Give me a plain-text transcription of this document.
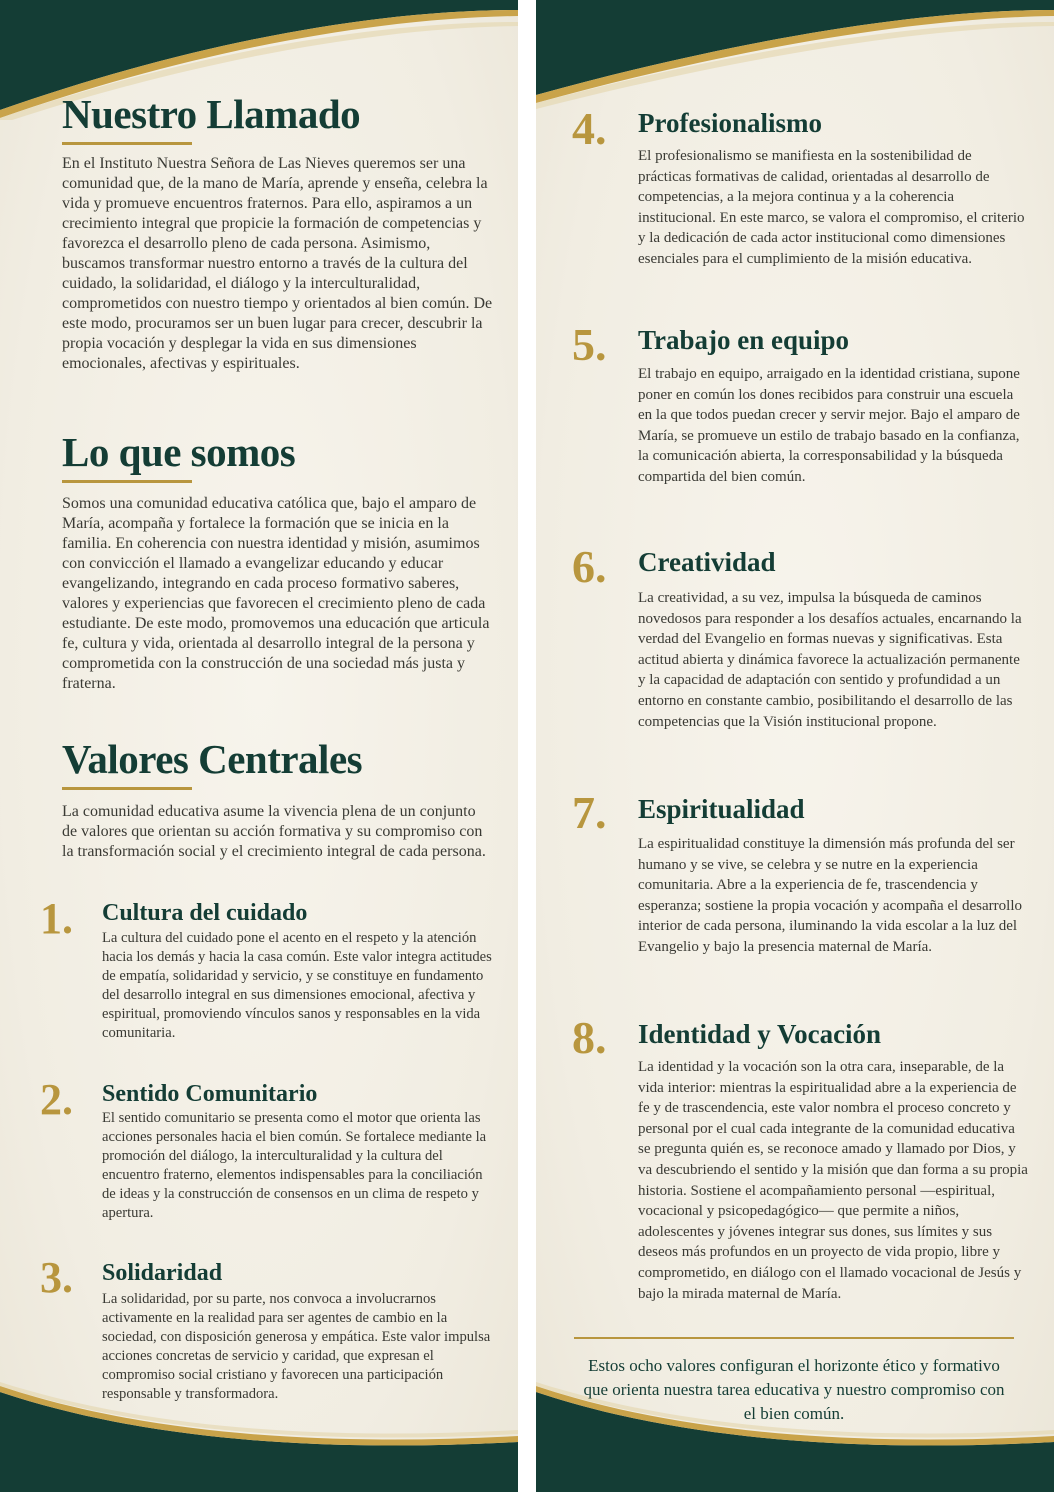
Nuestro Llamado

En el Instituto Nuestra Señora de Las Nieves queremos ser una comunidad que, de la mano de María, aprende y enseña, celebra la vida y promueve encuentros fraternos. Para ello, aspiramos a un crecimiento integral que propicie la formación de competencias y favorezca el desarrollo pleno de cada persona. Asimismo, buscamos transformar nuestro entorno a través de la cultura del cuidado, la solidaridad, el diálogo y la interculturalidad, comprometidos con nuestro tiempo y orientados al bien común. De este modo, procuramos ser un buen lugar para crecer, descubrir la propia vocación y desplegar la vida en sus dimensiones emocionales, afectivas y espirituales.

Lo que somos

Somos una comunidad educativa católica que, bajo el amparo de María, acompaña y fortalece la formación que se inicia en la familia. En coherencia con nuestra identidad y misión, asumimos con convicción el llamado a evangelizar educando y educar evangelizando, integrando en cada proceso formativo saberes, valores y experiencias que favorecen el crecimiento pleno de cada estudiante. De este modo, promovemos una educación que articula fe, cultura y vida, orientada al desarrollo integral de la persona y comprometida con la construcción de una sociedad más justa y fraterna.

Valores Centrales

La comunidad educativa asume la vivencia plena de un conjunto de valores que orientan su acción formativa y su compromiso con la transformación social y el crecimiento integral de cada persona.

1. Cultura del cuidado

La cultura del cuidado pone el acento en el respeto y la atención hacia los demás y hacia la casa común. Este valor integra actitudes de empatía, solidaridad y servicio, y se constituye en fundamento del desarrollo integral en sus dimensiones emocional, afectiva y espiritual, promoviendo vínculos sanos y responsables en la vida comunitaria.

2. Sentido Comunitario

El sentido comunitario se presenta como el motor que orienta las acciones personales hacia el bien común. Se fortalece mediante la promoción del diálogo, la interculturalidad y la cultura del encuentro fraterno, elementos indispensables para la conciliación de ideas y la construcción de consensos en un clima de respeto y apertura.

3. Solidaridad

La solidaridad, por su parte, nos convoca a involucrarnos activamente en la realidad para ser agentes de cambio en la sociedad, con disposición generosa y empática. Este valor impulsa acciones concretas de servicio y caridad, que expresan el compromiso social cristiano y favorecen una participación responsable y transformadora.

4. Profesionalismo

El profesionalismo se manifiesta en la sostenibilidad de prácticas formativas de calidad, orientadas al desarrollo de competencias, a la mejora continua y a la coherencia institucional. En este marco, se valora el compromiso, el criterio y la dedicación de cada actor institucional como dimensiones esenciales para el cumplimiento de la misión educativa.

5. Trabajo en equipo

El trabajo en equipo, arraigado en la identidad cristiana, supone poner en común los dones recibidos para construir una escuela en la que todos puedan crecer y servir mejor. Bajo el amparo de María, se promueve un estilo de trabajo basado en la confianza, la comunicación abierta, la corresponsabilidad y la búsqueda compartida del bien común.

6. Creatividad

La creatividad, a su vez, impulsa la búsqueda de caminos novedosos para responder a los desafíos actuales, encarnando la verdad del Evangelio en formas nuevas y significativas. Esta actitud abierta y dinámica favorece la actualización permanente y la capacidad de adaptación con sentido y profundidad a un entorno en constante cambio, posibilitando el desarrollo de las competencias que la Visión institucional propone.

7. Espiritualidad

La espiritualidad constituye la dimensión más profunda del ser humano y se vive, se celebra y se nutre en la experiencia comunitaria. Abre a la experiencia de fe, trascendencia y esperanza; sostiene la propia vocación y acompaña el desarrollo interior de cada persona, iluminando la vida escolar a la luz del Evangelio y bajo la presencia maternal de María.

8. Identidad y Vocación

La identidad y la vocación son la otra cara, inseparable, de la vida interior: mientras la espiritualidad abre a la experiencia de fe y de trascendencia, este valor nombra el proceso concreto y personal por el cual cada integrante de la comunidad educativa se pregunta quién es, se reconoce amado y llamado por Dios, y va descubriendo el sentido y la misión que dan forma a su propia historia. Sostiene el acompañamiento personal —espiritual, vocacional y psicopedagógico— que permite a niños, adolescentes y jóvenes integrar sus dones, sus límites y sus deseos más profundos en un proyecto de vida propio, libre y comprometido, en diálogo con el llamado vocacional de Jesús y bajo la mirada maternal de María.

Estos ocho valores configuran el horizonte ético y formativo que orienta nuestra tarea educativa y nuestro compromiso con el bien común.
